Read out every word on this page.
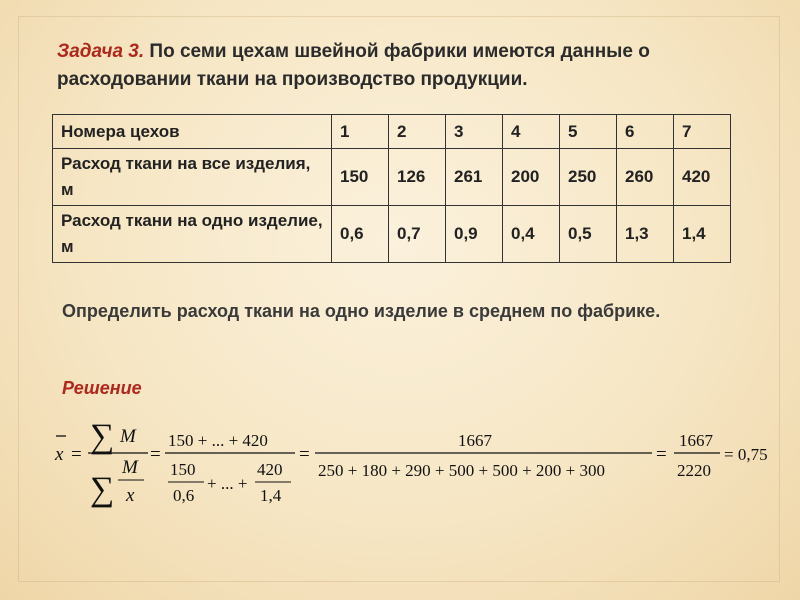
Задача 3. По семи цехам швейной фабрики имеются данные о расходовании ткани на производство продукции.

Номера цехов	1	2	3	4	5	6	7
Расход ткани на все изделия, м	150	126	261	200	250	260	420
Расход ткани на одно изделие, м	0,6	0,7	0,9	0,4	0,5	1,3	1,4

Определить расход ткани на одно изделие в среднем по фабрике.

Решение

x = ∑ M
∑
M
x
=
150 + ... + 420
150
0,6
+ ... +
420
1,4
=
1667
250 + 180 + 290 + 500 + 500 + 200 + 300
=
1667
2220
= 0,75
